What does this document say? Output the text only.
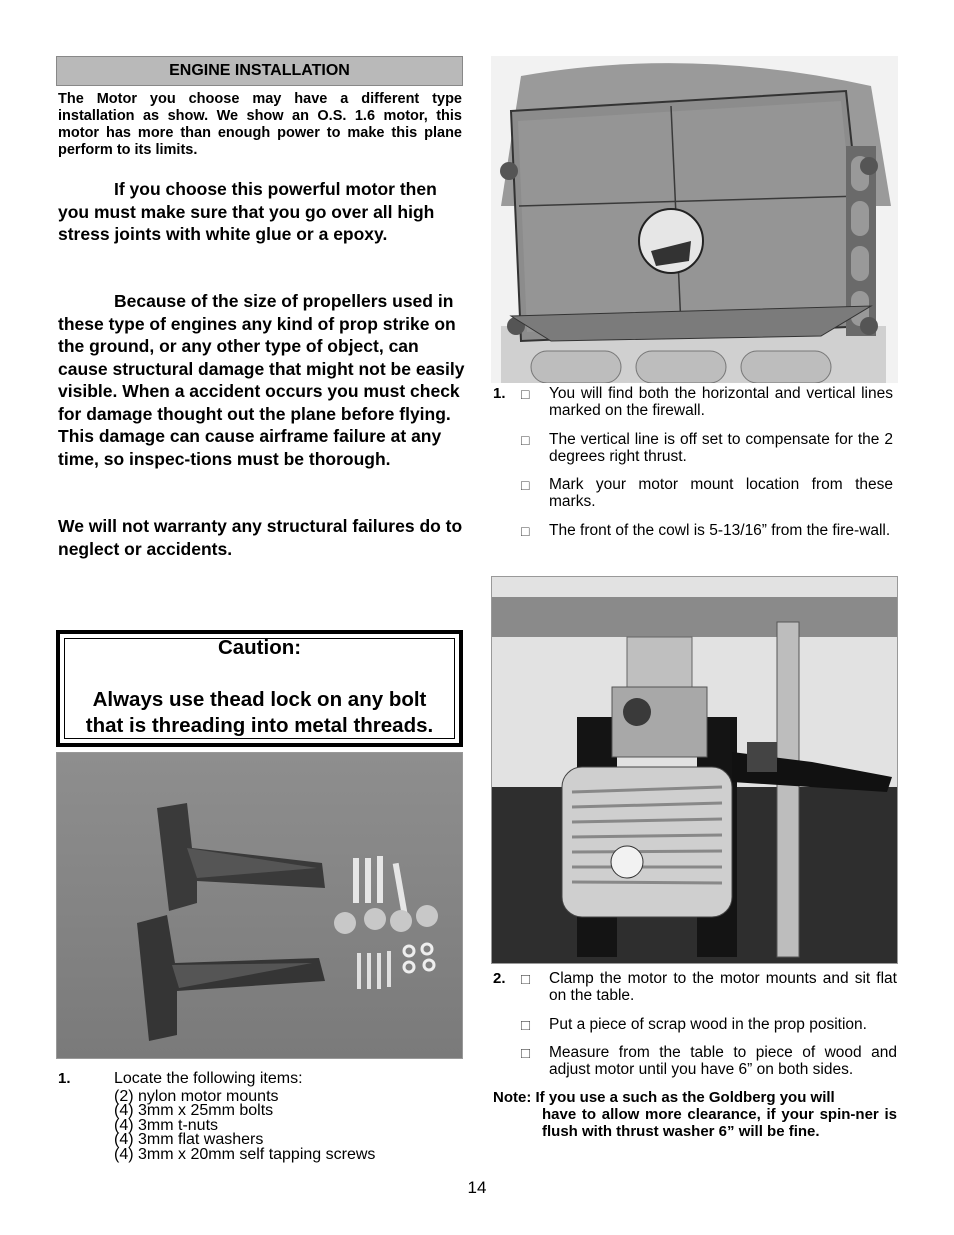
ENGINE INSTALLATION

The Motor you choose may have a different type installation as show. We show an O.S. 1.6 motor, this motor has more than enough power to make this plane perform to its limits.

If you choose this powerful motor then you must make sure that you go over all high stress joints with white glue or a epoxy.

Because of the size of propellers used in these type of engines any kind of prop strike on the ground, or any other type of object, can cause structural damage that might not be easily visible. When a accident occurs you must check for damage thought out the plane before flying. This damage can cause airframe failure at any time, so inspec-tions must be thorough.

We will not warranty any structural failures do to neglect or accidents.

Caution:
Always use thead lock on any bolt
that is threading into metal threads.
1.	Locate the following items:
(2) nylon motor mounts
(4) 3mm x 25mm bolts
(4) 3mm t-nuts
(4) 3mm flat washers
(4) 3mm x 20mm self tapping screws
1. □ You will find both the horizontal and vertical lines marked on the firewall.

□ The vertical line is off set to compensate for the 2 degrees right thrust.

□ Mark your motor mount location from these marks.

□ The front of the cowl is 5-13/16” from the fire-wall.

2. □ Clamp the motor to the motor mounts and sit flat on the table.

□ Put a piece of scrap wood in the prop position.

□ Measure from the table to piece of wood and adjust motor until you have 6” on both sides.

Note: If you use a such as the Goldberg you will
have to allow more clearance, if your spin-ner is flush with thrust washer 6” will be fine.
14
